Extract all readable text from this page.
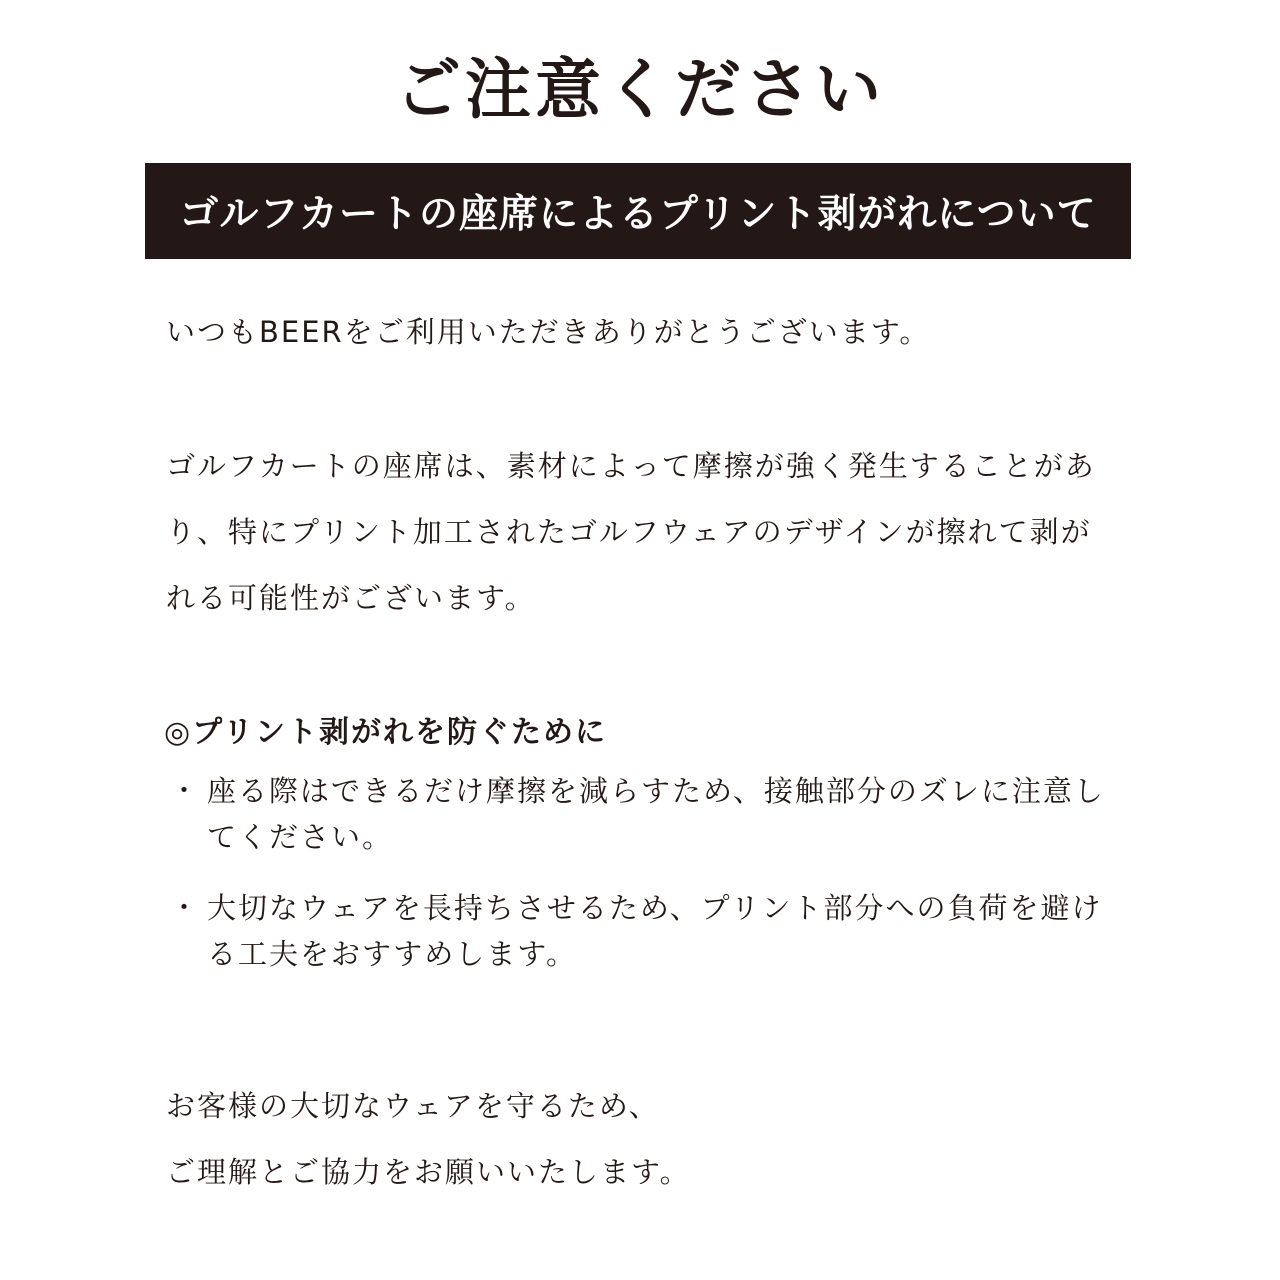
ご注意ください
ゴルフカートの座席によるプリント剥がれについて
いつもBEERをご利用いただきありがとうございます。
ゴルフカートの座席は、素材によって摩擦が強く発生することがあ
り、特にプリント加工されたゴルフウェアのデザインが擦れて剥が
れる可能性がございます。
◎プリント剥がれを防ぐために
・ 座る際はできるだけ摩擦を減らすため、接触部分のズレに注意し
てください。
・ 大切なウェアを長持ちさせるため、プリント部分への負荷を避け
る工夫をおすすめします。
お客様の大切なウェアを守るため、
ご理解とご協力をお願いいたします。
